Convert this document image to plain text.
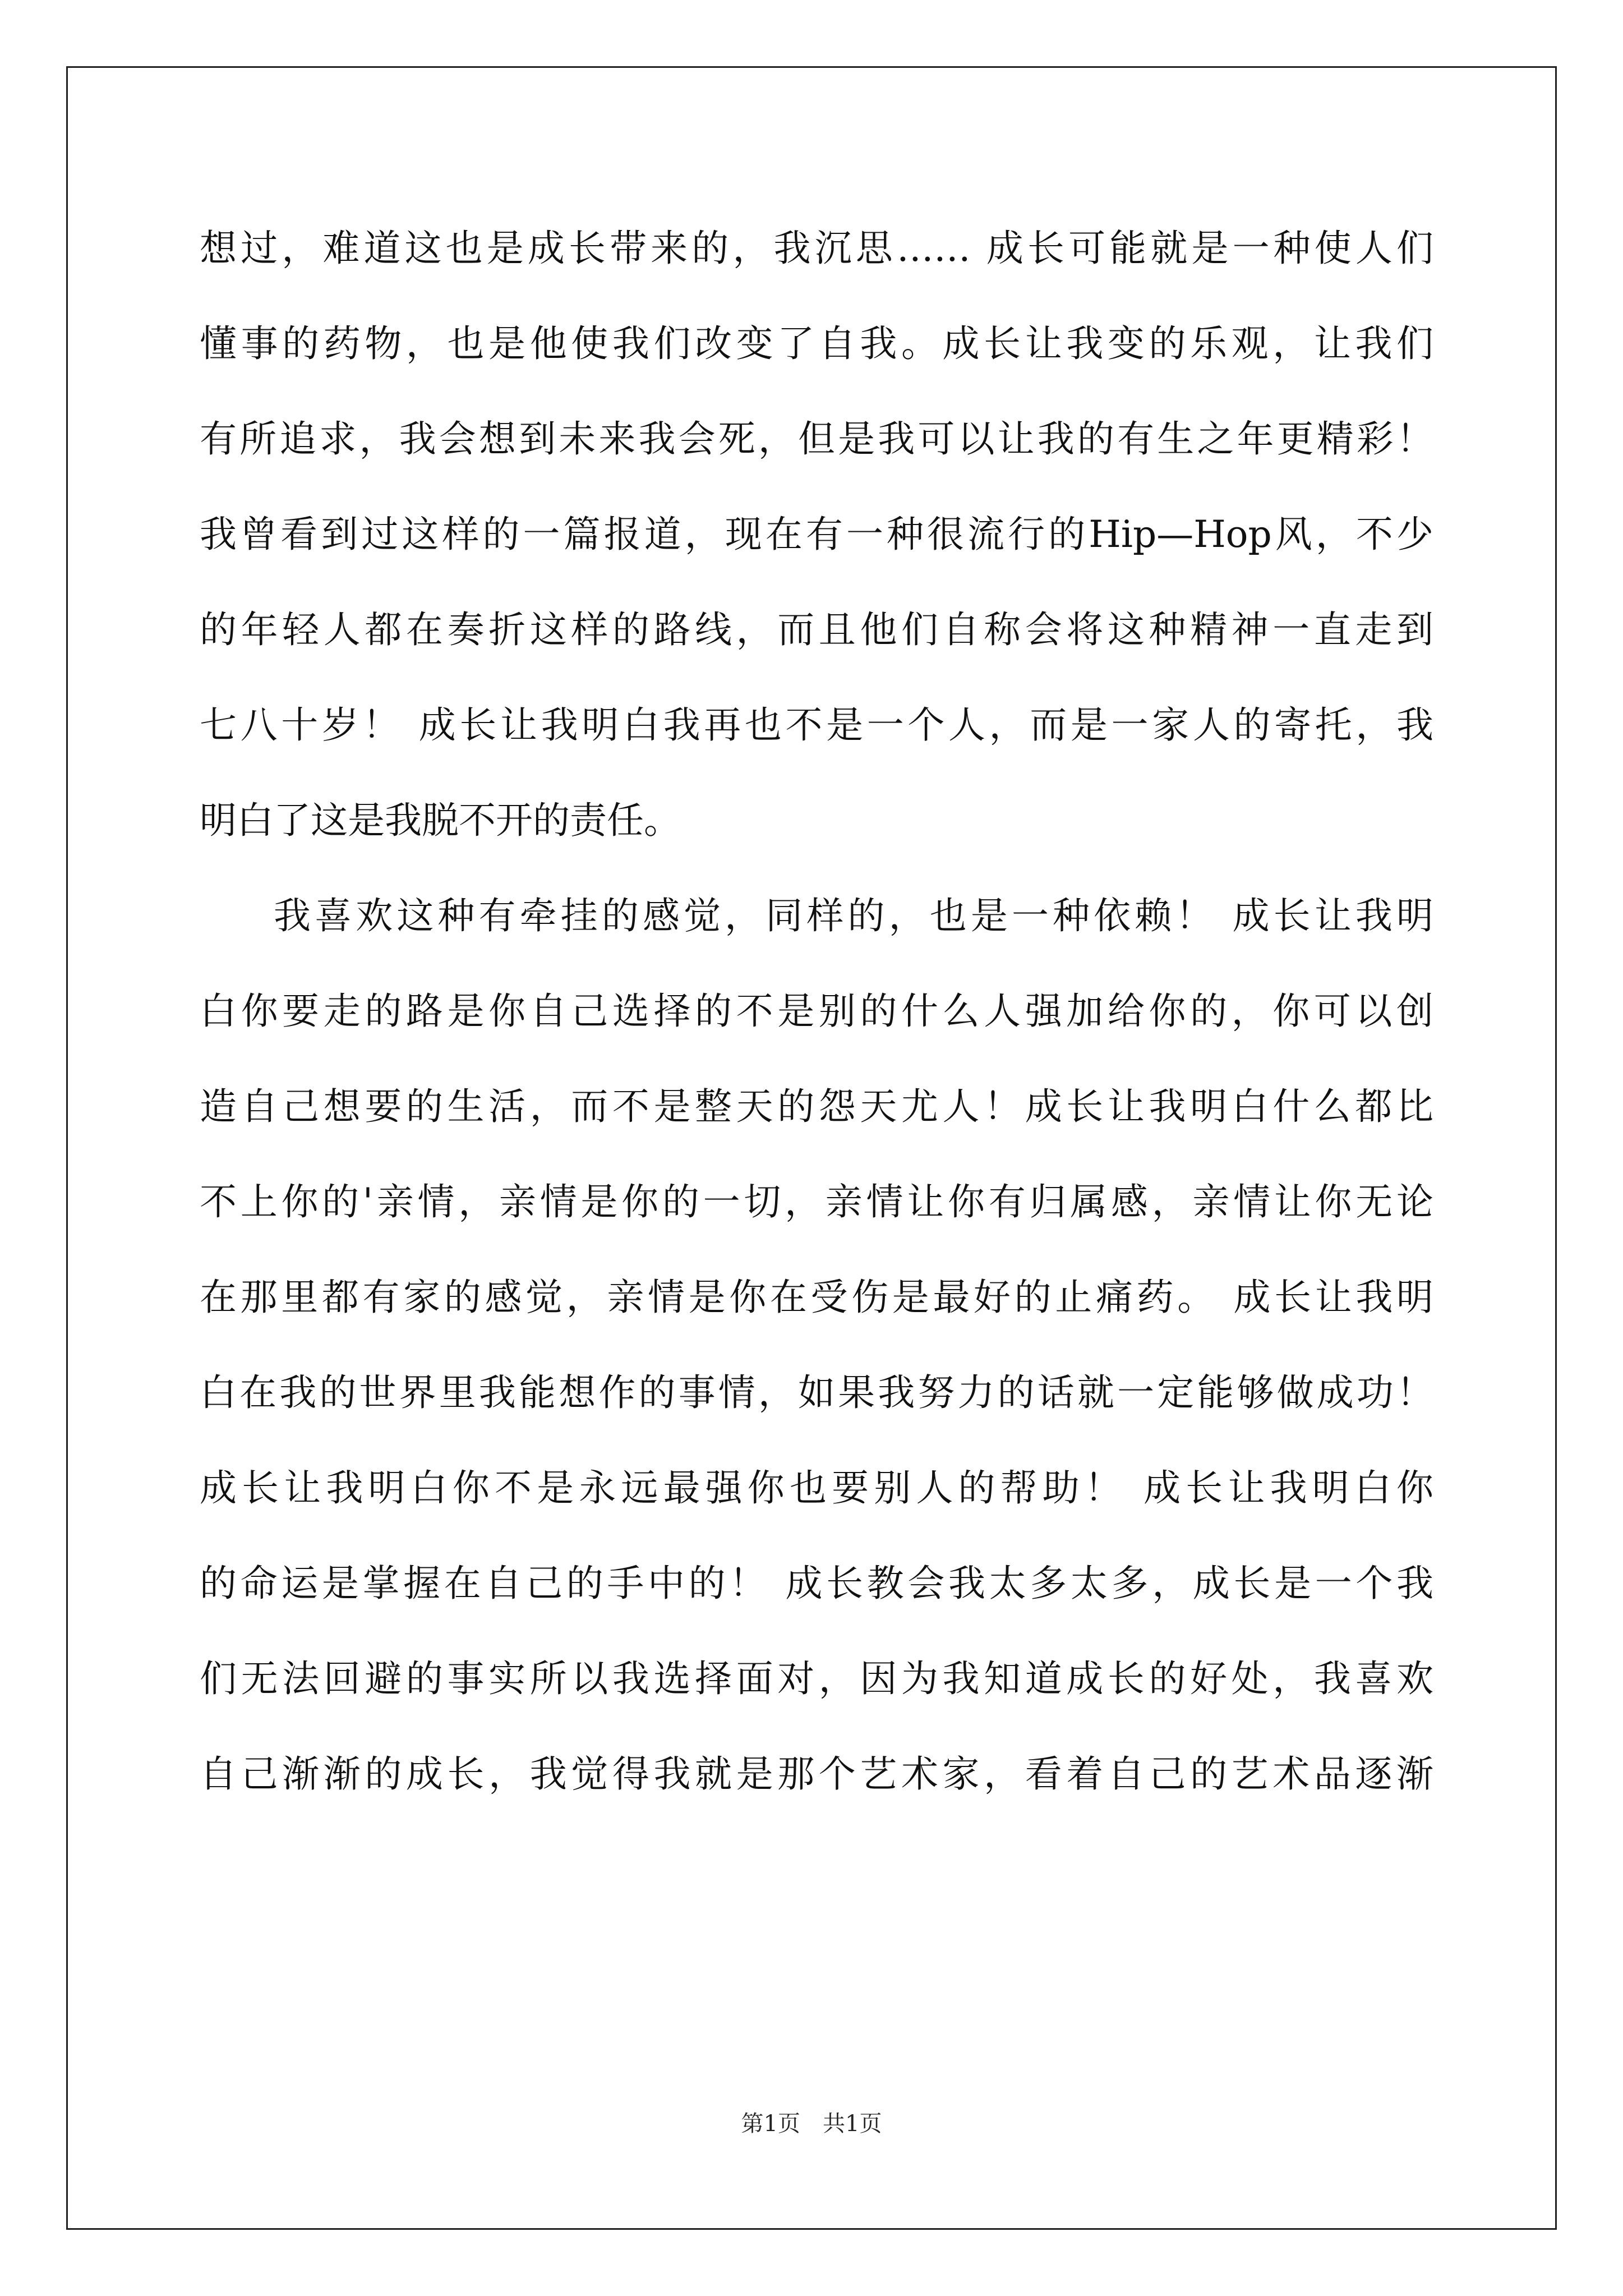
想过，难道这也是成长带来的，我沉思…… 成长可能就是一种使人们
懂事的药物，也是他使我们改变了自我。成长让我变的乐观，让我们
有所追求，我会想到未来我会死，但是我可以让我的有生之年更精彩！
我曾看到过这样的一篇报道，现在有一种很流行的Hip—Hop风，不少
的年轻人都在奏折这样的路线，而且他们自称会将这种精神一直走到
七八十岁！ 成长让我明白我再也不是一个人，而是一家人的寄托，我
明白了这是我脱不开的责任。
我喜欢这种有牵挂的感觉，同样的，也是一种依赖！ 成长让我明
白你要走的路是你自己选择的不是别的什么人强加给你的，你可以创
造自己想要的生活，而不是整天的怨天尤人！成长让我明白什么都比
不上你的'亲情，亲情是你的一切，亲情让你有归属感，亲情让你无论
在那里都有家的感觉，亲情是你在受伤是最好的止痛药。 成长让我明
白在我的世界里我能想作的事情，如果我努力的话就一定能够做成功！
成长让我明白你不是永远最强你也要别人的帮助！ 成长让我明白你
的命运是掌握在自己的手中的！ 成长教会我太多太多，成长是一个我
们无法回避的事实所以我选择面对，因为我知道成长的好处，我喜欢
自己渐渐的成长，我觉得我就是那个艺术家，看着自己的艺术品逐渐
第1页　共1页
